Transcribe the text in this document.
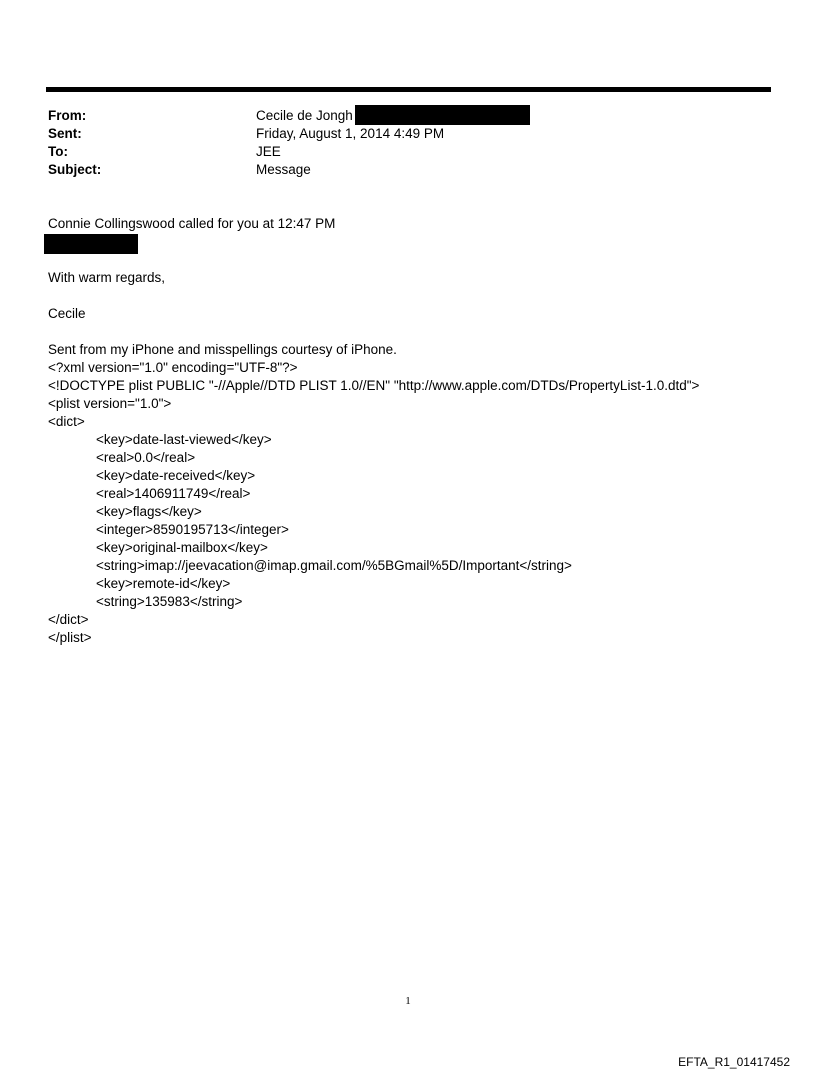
From:	Cecile de Jongh
Sent:	Friday, August 1, 2014 4:49 PM
To:	JEE
Subject:	Message
Connie Collingswood called for you at 12:47 PM
With warm regards,
Cecile
Sent from my iPhone and misspellings courtesy of iPhone.
<?xml version="1.0" encoding="UTF-8"?>
<!DOCTYPE plist PUBLIC "-//Apple//DTD PLIST 1.0//EN" "http://www.apple.com/DTDs/PropertyList-1.0.dtd">
<plist version="1.0">
<dict>
<key>date-last-viewed</key>
<real>0.0</real>
<key>date-received</key>
<real>1406911749</real>
<key>flags</key>
<integer>8590195713</integer>
<key>original-mailbox</key>
<string>imap://jeevacation@imap.gmail.com/%5BGmail%5D/Important</string>
<key>remote-id</key>
<string>135983</string>
</dict>
</plist>
1
EFTA_R1_01417452
